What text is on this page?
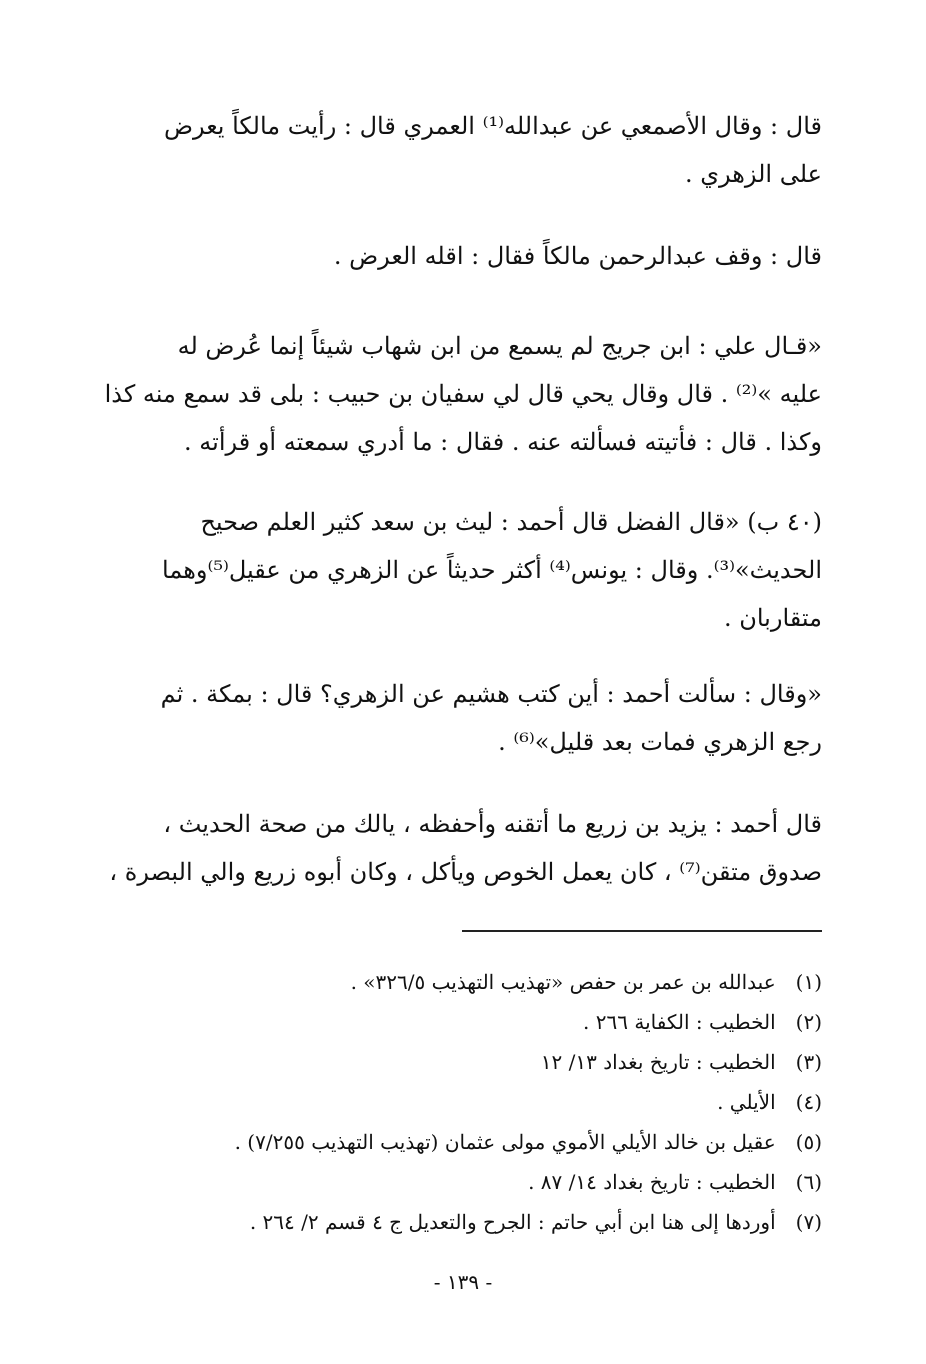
قال : وقال الأصمعي عن عبدالله⁽¹⁾ العمري قال : رأيت مالكاً يعرض
على الزهري .
قال : وقف عبدالرحمن مالكاً فقال : اقله العرض .
«قـال علي : ابن جريج لم يسمع من ابن شهاب شيئاً إنما عُرض له
عليه »⁽²⁾ . قال وقال يحي قال لي سفيان بن حبيب : بلى قد سمع منه كذا
وكذا . قال : فأتيته فسألته عنه . فقال : ما أدري سمعته أو قرأته .
(٤٠ ب) «قال الفضل قال أحمد : ليث بن سعد كثير العلم صحيح
الحديث»⁽³⁾. وقال : يونس⁽⁴⁾ أكثر حديثاً عن الزهري من عقيل⁽⁵⁾وهما
متقاربان .
«وقال : سألت أحمد : أين كتب هشيم عن الزهري؟ قال : بمكة . ثم
رجع الزهري فمات بعد قليل»⁽⁶⁾ .
قال أحمد : يزيد بن زريع ما أتقنه وأحفظه ، يالك من صحة الحديث ،
صدوق متقن⁽⁷⁾ ، كان يعمل الخوص ويأكل ، وكان أبوه زريع والي البصرة ،
(١) عبدالله بن عمر بن حفص «تهذيب التهذيب ٣٢٦/٥» .
(٢) الخطيب : الكفاية ٢٦٦ .
(٣) الخطيب : تاريخ بغداد ١٣/ ١٢
(٤) الأيلي .
(٥) عقيل بن خالد الأيلي الأموي مولى عثمان (تهذيب التهذيب ٧/٢٥٥) .
(٦) الخطيب : تاريخ بغداد ١٤/ ٨٧ .
(٧) أوردها إلى هنا ابن أبي حاتم : الجرح والتعديل ج ٤ قسم ٢/ ٢٦٤ .
- ١٣٩ -
